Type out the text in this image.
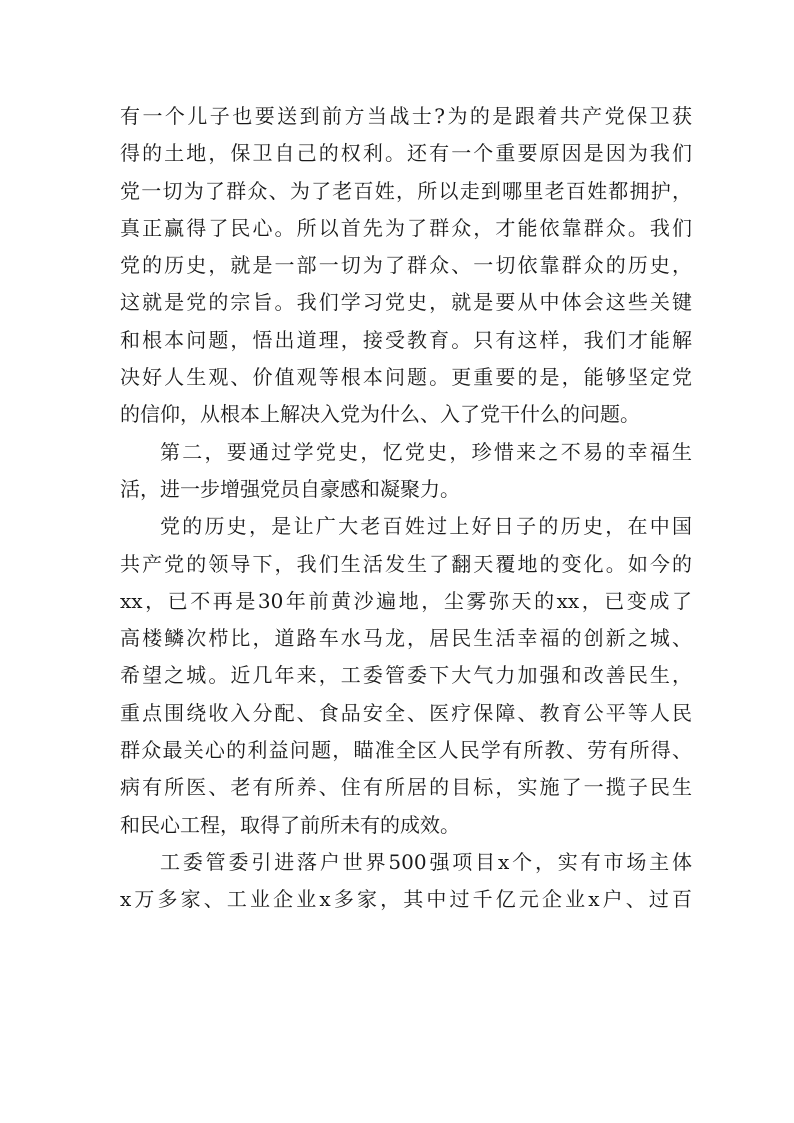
有一个儿子也要送到前方当战士?为的是跟着共产党保卫获
得的土地，保卫自己的权利。还有一个重要原因是因为我们
党一切为了群众、为了老百姓，所以走到哪里老百姓都拥护，
真正赢得了民心。所以首先为了群众，才能依靠群众。我们
党的历史，就是一部一切为了群众、一切依靠群众的历史，
这就是党的宗旨。我们学习党史，就是要从中体会这些关键
和根本问题，悟出道理，接受教育。只有这样，我们才能解
决好人生观、价值观等根本问题。更重要的是，能够坚定党
的信仰，从根本上解决入党为什么、入了党干什么的问题。
第二，要通过学党史，忆党史，珍惜来之不易的幸福生
活，进一步增强党员自豪感和凝聚力。
党的历史，是让广大老百姓过上好日子的历史，在中国
共产党的领导下，我们生活发生了翻天覆地的变化。如今的
xx，已不再是30年前黄沙遍地，尘雾弥天的xx，已变成了
高楼鳞次栉比，道路车水马龙，居民生活幸福的创新之城、
希望之城。近几年来，工委管委下大气力加强和改善民生，
重点围绕收入分配、食品安全、医疗保障、教育公平等人民
群众最关心的利益问题，瞄准全区人民学有所教、劳有所得、
病有所医、老有所养、住有所居的目标，实施了一揽子民生
和民心工程，取得了前所未有的成效。
工委管委引进落户世界500强项目x个，实有市场主体
x万多家、工业企业x多家，其中过千亿元企业x户、过百
